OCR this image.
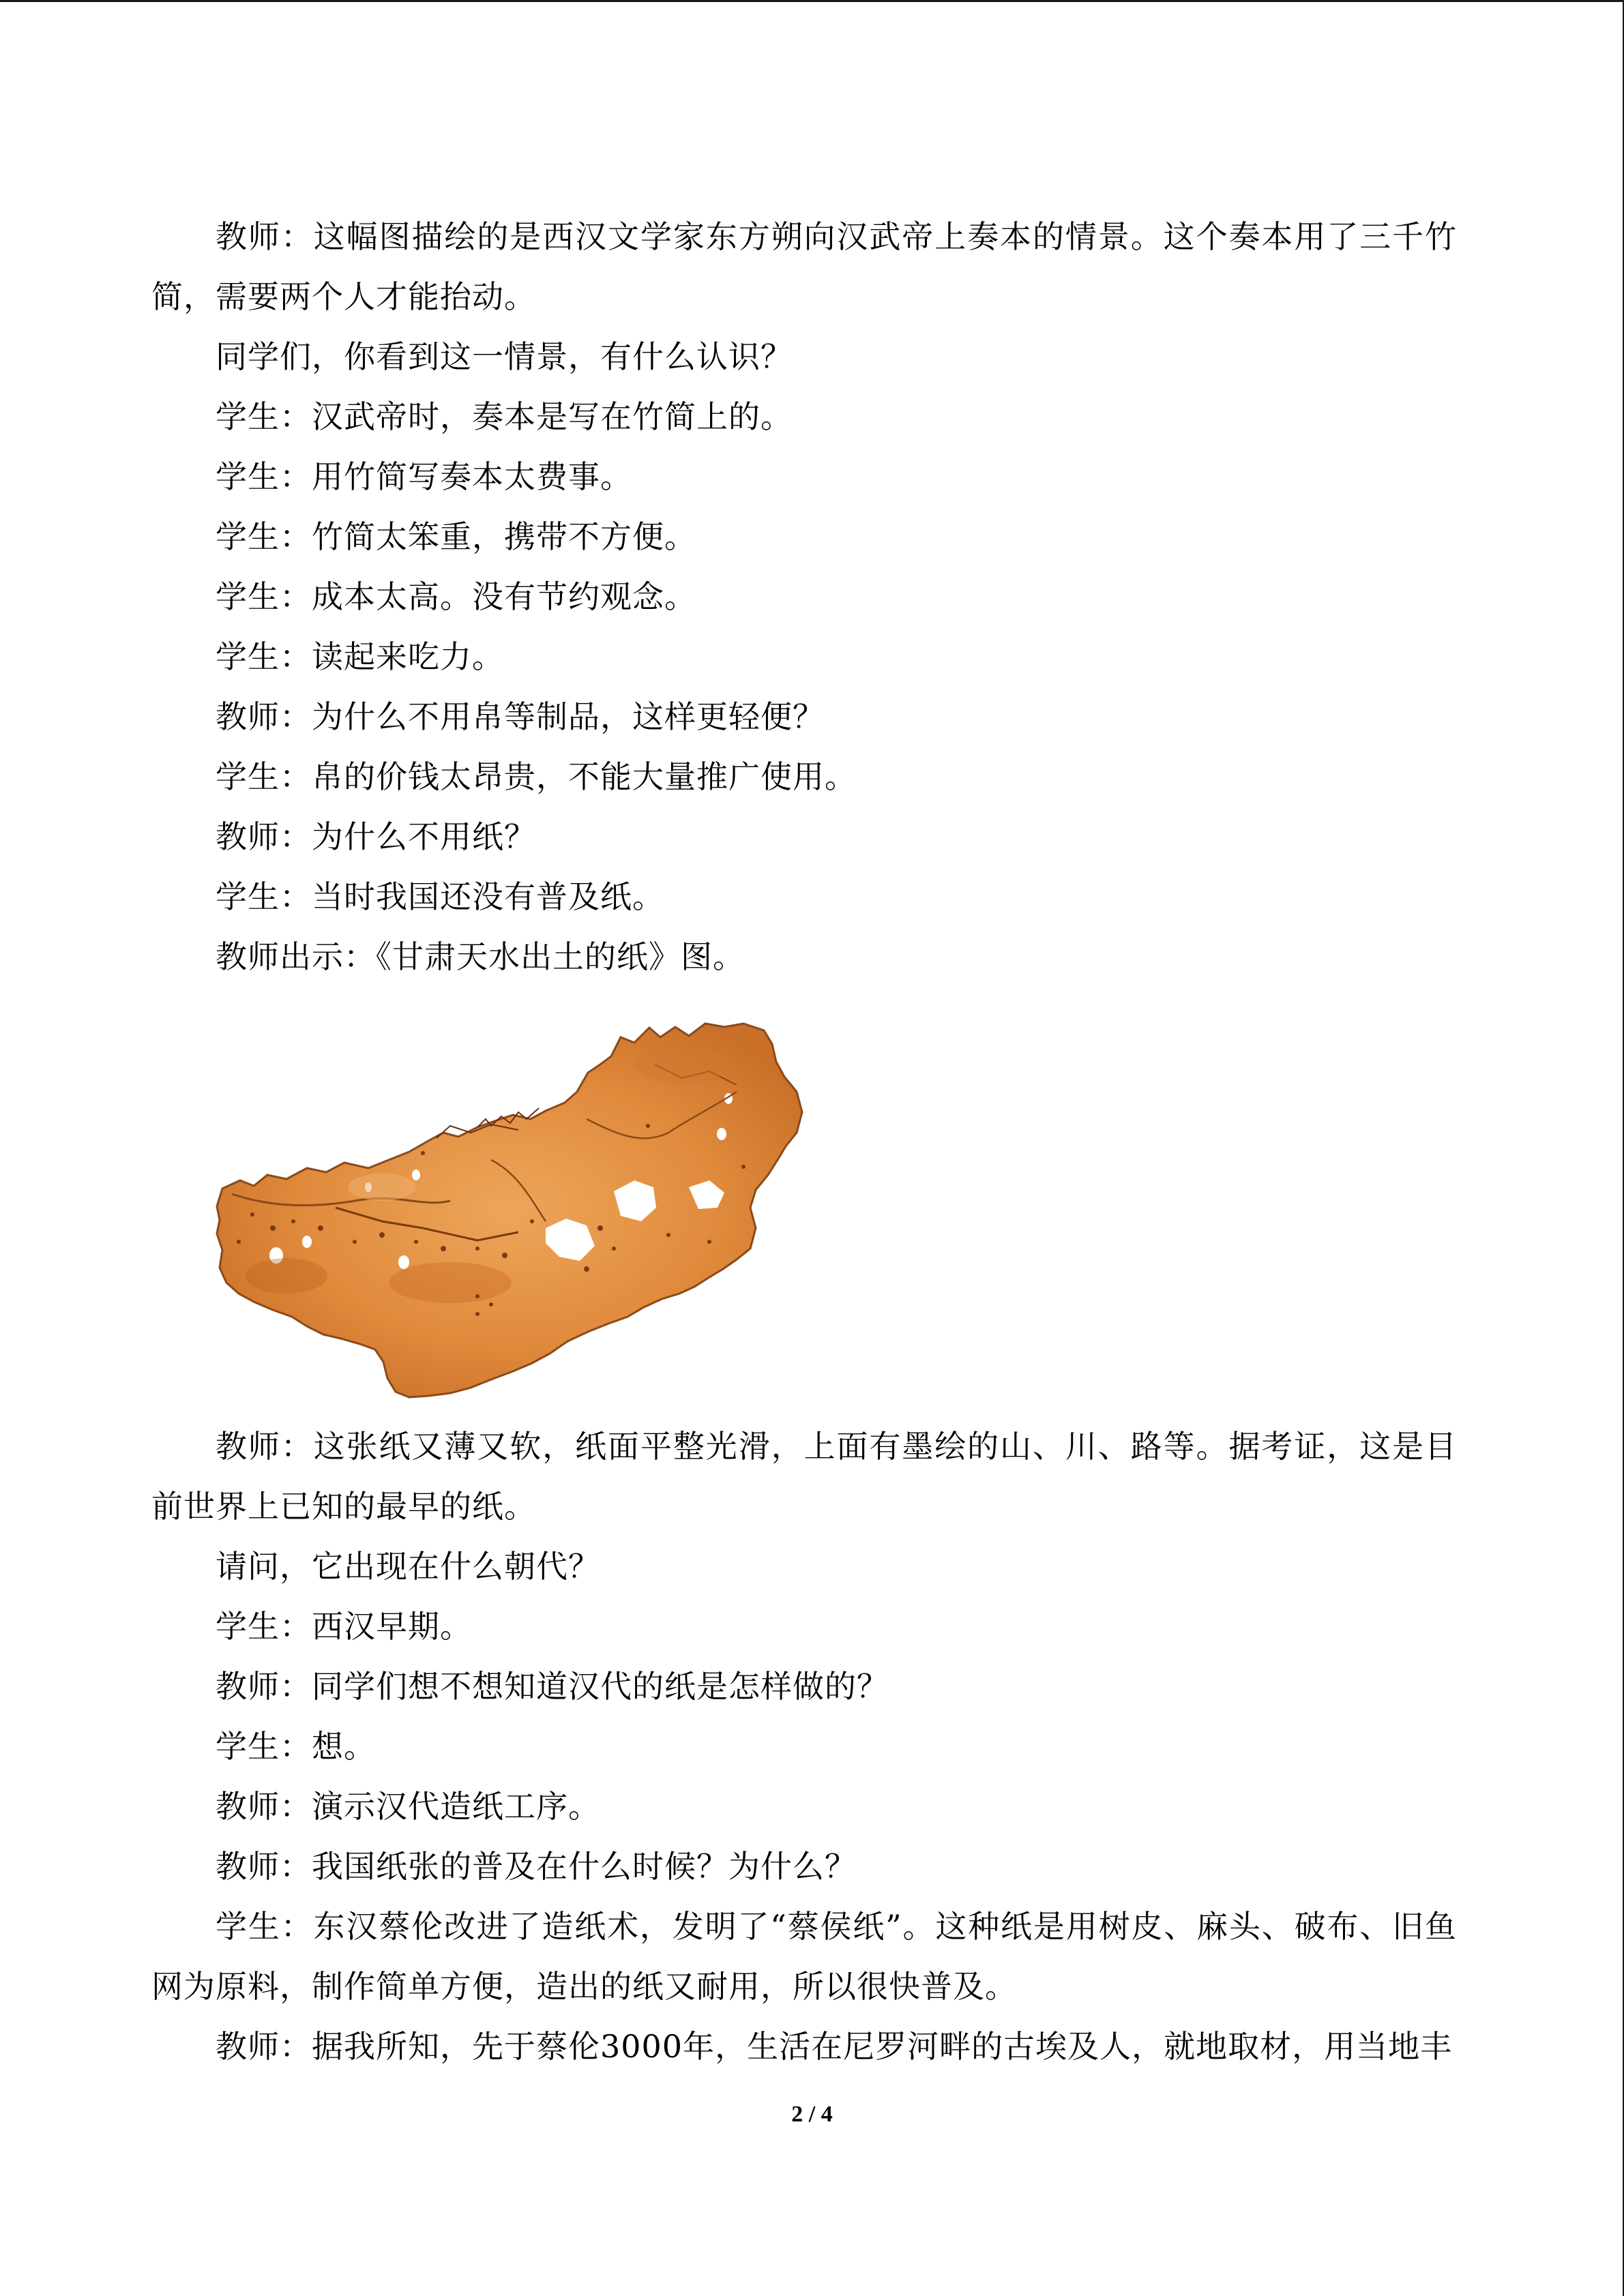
教师：这幅图描绘的是西汉文学家东方朔向汉武帝上奏本的情景。这个奏本用了三千竹简，需要两个人才能抬动。

同学们，你看到这一情景，有什么认识？

学生：汉武帝时，奏本是写在竹简上的。

学生：用竹简写奏本太费事。

学生：竹简太笨重，携带不方便。

学生：成本太高。没有节约观念。

学生：读起来吃力。

教师：为什么不用帛等制品，这样更轻便？

学生：帛的价钱太昂贵，不能大量推广使用。

教师：为什么不用纸？

学生：当时我国还没有普及纸。

教师出示：《甘肃天水出土的纸》图。

教师：这张纸又薄又软，纸面平整光滑，上面有墨绘的山、川、路等。据考证，这是目前世界上已知的最早的纸。

请问，它出现在什么朝代？

学生：西汉早期。

教师：同学们想不想知道汉代的纸是怎样做的？

学生：想。

教师：演示汉代造纸工序。

教师：我国纸张的普及在什么时候？为什么？

学生：东汉蔡伦改进了造纸术，发明了“蔡侯纸”。这种纸是用树皮、麻头、破布、旧鱼网为原料，制作简单方便，造出的纸又耐用，所以很快普及。

教师：据我所知，先于蔡伦3000年，生活在尼罗河畔的古埃及人，就地取材，用当地丰

2 / 4
